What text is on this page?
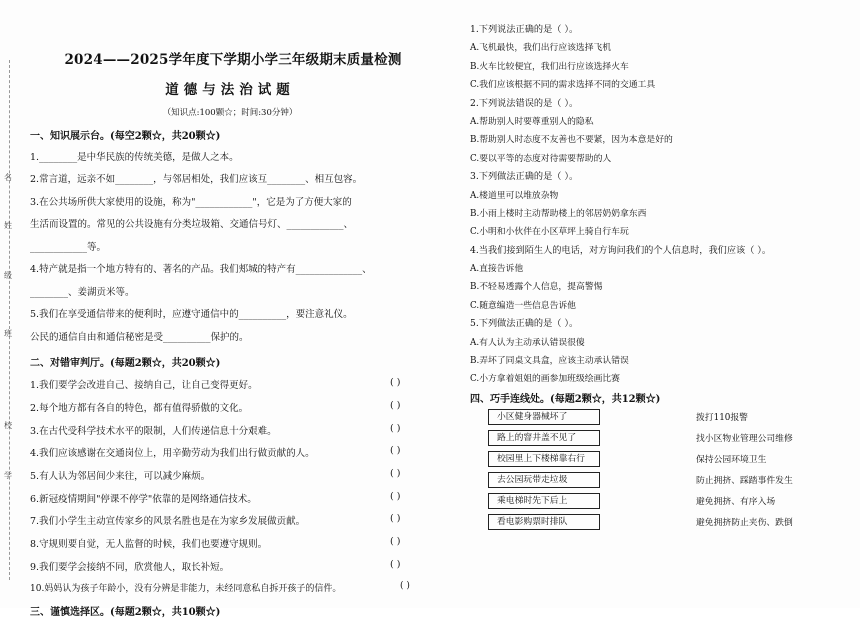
名
姓
级
班
校
学
2024——2025学年度下学期小学三年级期末质量检测
道德与法治试题
（知识点:100颗☆；时间:30分钟）
一、知识展示台。(每空2颗☆，共20颗☆)
1.________是中华民族的传统美德，是做人之本。
2.常言道，远亲不如________，与邻居相处，我们应该互________、相互包容。
3.在公共场所供大家使用的设施，称为"____________"，它是为了方便大家的
生活而设置的。常见的公共设施有分类垃圾箱、交通信号灯、____________、
____________等。
4.特产就是指一个地方特有的、著名的产品。我们郏城的特产有______________、
________、姜湖贡米等。
5.我们在享受通信带来的便利时，应遵守通信中的__________，要注意礼仪。
公民的通信自由和通信秘密是受__________保护的。
二、对错审判厅。(每题2颗☆，共20颗☆)
1.我们要学会改进自己、接纳自己，让自己变得更好。	( )
2.每个地方都有各自的特色，都有值得骄傲的文化。	( )
3.在古代受科学技术水平的限制，人们传递信息十分艰难。	( )
4.我们应该感谢在交通岗位上，用辛勤劳动为我们出行做贡献的人。	( )
5.有人认为邻居间少来往，可以减少麻烦。	( )
6.新冠疫情期间"停课不停学"依靠的是网络通信技术。	( )
7.我们小学生主动宣传家乡的风景名胜也是在为家乡发展做贡献。	( )
8.守规则要自觉，无人监督的时候，我们也要遵守规则。	( )
9.我们要学会接纳不同，欣赏他人，取长补短。	( )
10.妈妈认为孩子年龄小，没有分辨是非能力，未经同意私自拆开孩子的信件。	( )
三、谨慎选择区。(每题2颗☆，共10颗☆)
1.下列说法正确的是（ ）。
A.飞机最快，我们出行应该选择飞机
B.火车比较便宜，我们出行应该选择火车
C.我们应该根据不同的需求选择不同的交通工具
2.下列说法错误的是（ ）。
A.帮助别人时要尊重别人的隐私
B.帮助别人时态度不友善也不要紧，因为本意是好的
C.要以平等的态度对待需要帮助的人
3.下列做法正确的是（ ）。
A.楼道里可以堆放杂物
B.小雨上楼时主动帮助楼上的邻居奶奶拿东西
C.小明和小伙伴在小区草坪上骑自行车玩
4.当我们接到陌生人的电话，对方询问我们的个人信息时，我们应该（ ）。
A.直接告诉他
B.不轻易透露个人信息，提高警惕
C.随意编造一些信息告诉他
5.下列做法正确的是（ ）。
A.有人认为主动承认错误很傻
B.弄坏了同桌文具盒，应该主动承认错误
C.小方拿着姐姐的画参加班级绘画比赛
四、巧手连线处。(每题2颗☆，共12颗☆)
小区健身器械坏了
路上的窨井盖不见了
校园里上下楼梯靠右行
去公园玩带走垃圾
乘电梯时先下后上
看电影购票时排队
拨打110报警
找小区物业管理公司维修
保持公园环境卫生
防止拥挤、踩踏事件发生
避免拥挤、有序入场
避免拥挤防止夹伤、跌倒
